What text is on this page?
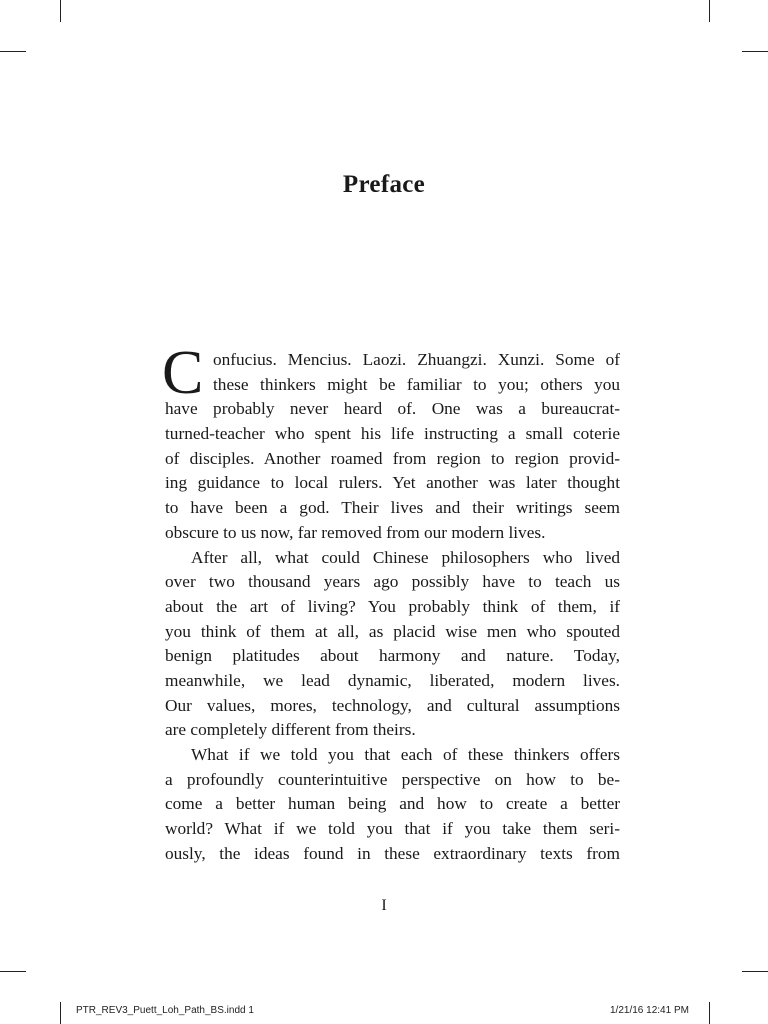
Preface
C onfucius. Mencius. Laozi. Zhuangzi. Xunzi. Some of
these thinkers might be familiar to you; others you
have probably never heard of. One was a bureaucrat-
turned-teacher who spent his life instructing a small coterie
of disciples. Another roamed from region to region provid-
ing guidance to local rulers. Yet another was later thought
to have been a god. Their lives and their writings seem
obscure to us now, far removed from our modern lives.
After all, what could Chinese philosophers who lived
over two thousand years ago possibly have to teach us
about the art of living? You probably think of them, if
you think of them at all, as placid wise men who spouted
benign platitudes about harmony and nature. Today,
meanwhile, we lead dynamic, liberated, modern lives.
Our values, mores, technology, and cultural assumptions
are completely different from theirs.
What if we told you that each of these thinkers offers
a profoundly counterintuitive perspective on how to be-
come a better human being and how to create a better
world? What if we told you that if you take them seri-
ously, the ideas found in these extraordinary texts from
I
PTR_REV3_Puett_Loh_Path_BS.indd 1	1/21/16 12:41 PM
